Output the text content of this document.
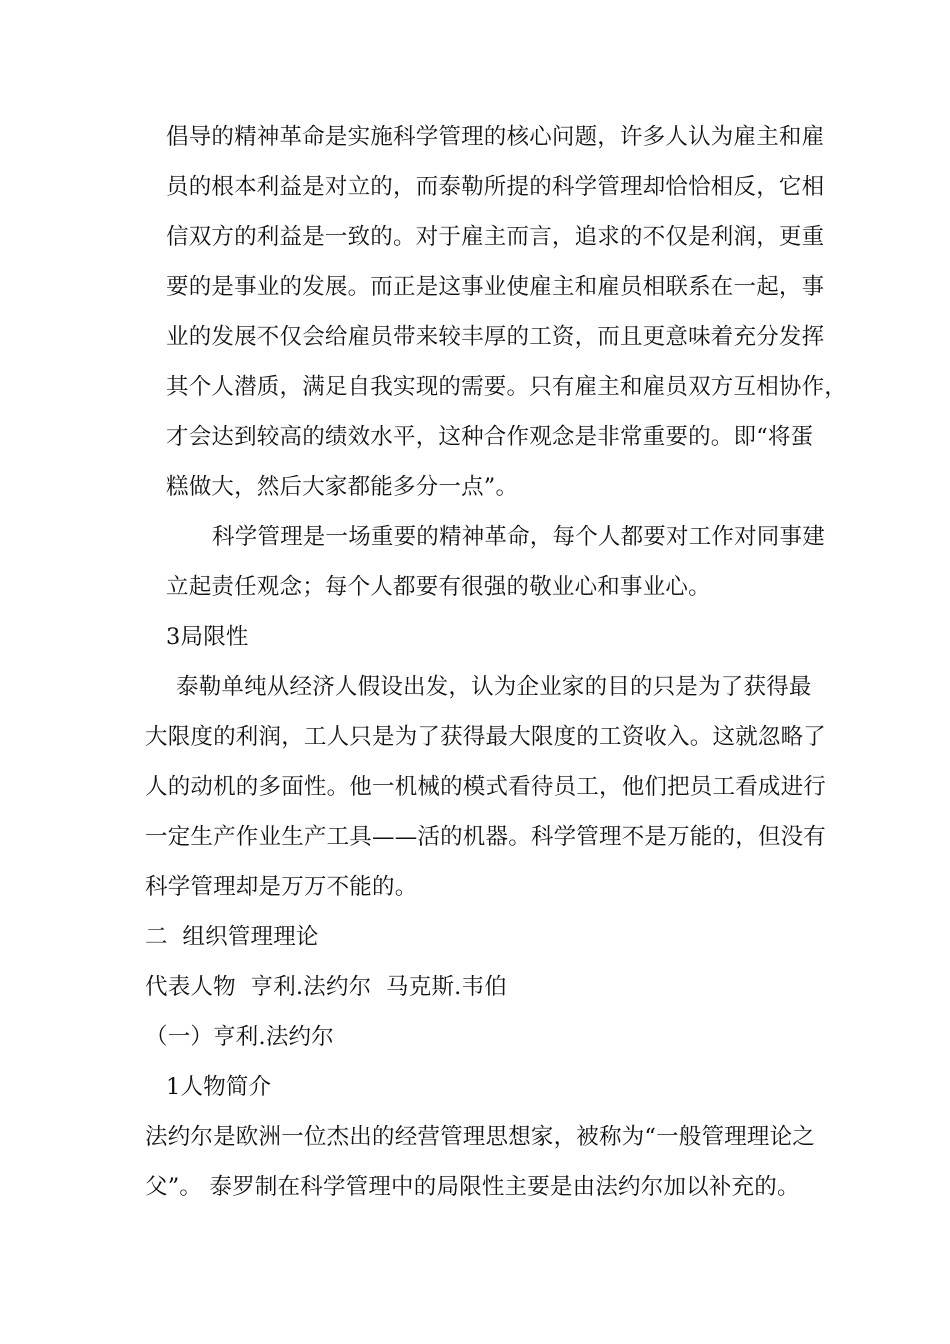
倡导的精神革命是实施科学管理的核心问题，许多人认为雇主和雇
员的根本利益是对立的，而泰勒所提的科学管理却恰恰相反，它相
信双方的利益是一致的。对于雇主而言，追求的不仅是利润，更重
要的是事业的发展。而正是这事业使雇主和雇员相联系在一起，事
业的发展不仅会给雇员带来较丰厚的工资，而且更意味着充分发挥
其个人潜质，满足自我实现的需要。只有雇主和雇员双方互相协作，
才会达到较高的绩效水平，这种合作观念是非常重要的。即“将蛋
糕做大，然后大家都能多分一点”。
科学管理是一场重要的精神革命，每个人都要对工作对同事建
立起责任观念；每个人都要有很强的敬业心和事业心。
3局限性
泰勒单纯从经济人假设出发，认为企业家的目的只是为了获得最
大限度的利润，工人只是为了获得最大限度的工资收入。这就忽略了
人的动机的多面性。他一机械的模式看待员工，他们把员工看成进行
一定生产作业生产工具——活的机器。科学管理不是万能的，但没有
科学管理却是万万不能的。
二  组织管理理论
代表人物  亨利.法约尔  马克斯.韦伯
（一）亨利.法约尔
1人物简介
法约尔是欧洲一位杰出的经营管理思想家，被称为“一般管理理论之
父”。 泰罗制在科学管理中的局限性主要是由法约尔加以补充的。
